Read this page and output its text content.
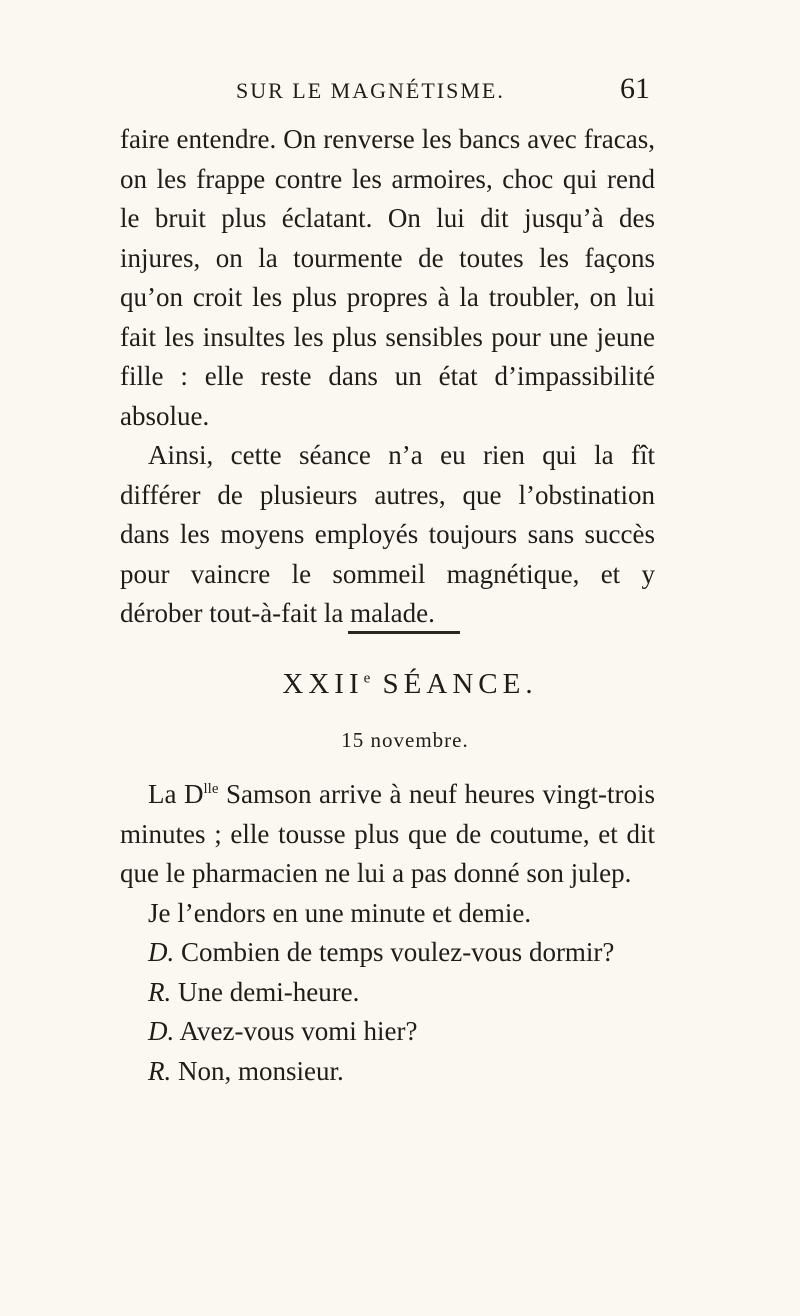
SUR LE MAGNÉTISME.	61

faire entendre. On renverse les bancs avec fracas, on les frappe contre les armoires, choc qui rend le bruit plus éclatant. On lui dit jusqu’à des injures, on la tourmente de toutes les façons qu’on croit les plus propres à la troubler, on lui fait les insultes les plus sensibles pour une jeune fille : elle reste dans un état d’impassibilité absolue.

Ainsi, cette séance n’a eu rien qui la fît différer de plusieurs autres, que l’obstination dans les moyens employés toujours sans succès pour vaincre le sommeil magnétique, et y dérober tout-à-fait la malade.

XXIIe SÉANCE.
15 novembre.

La $D^{lle}$ Samson arrive à neuf heures vingt-trois minutes ; elle tousse plus que de coutume, et dit que le pharmacien ne lui a pas donné son julep.

Je l’endors en une minute et demie.

D. Combien de temps voulez-vous dormir?

R. Une demi-heure.

D. Avez-vous vomi hier?

R. Non, monsieur.
